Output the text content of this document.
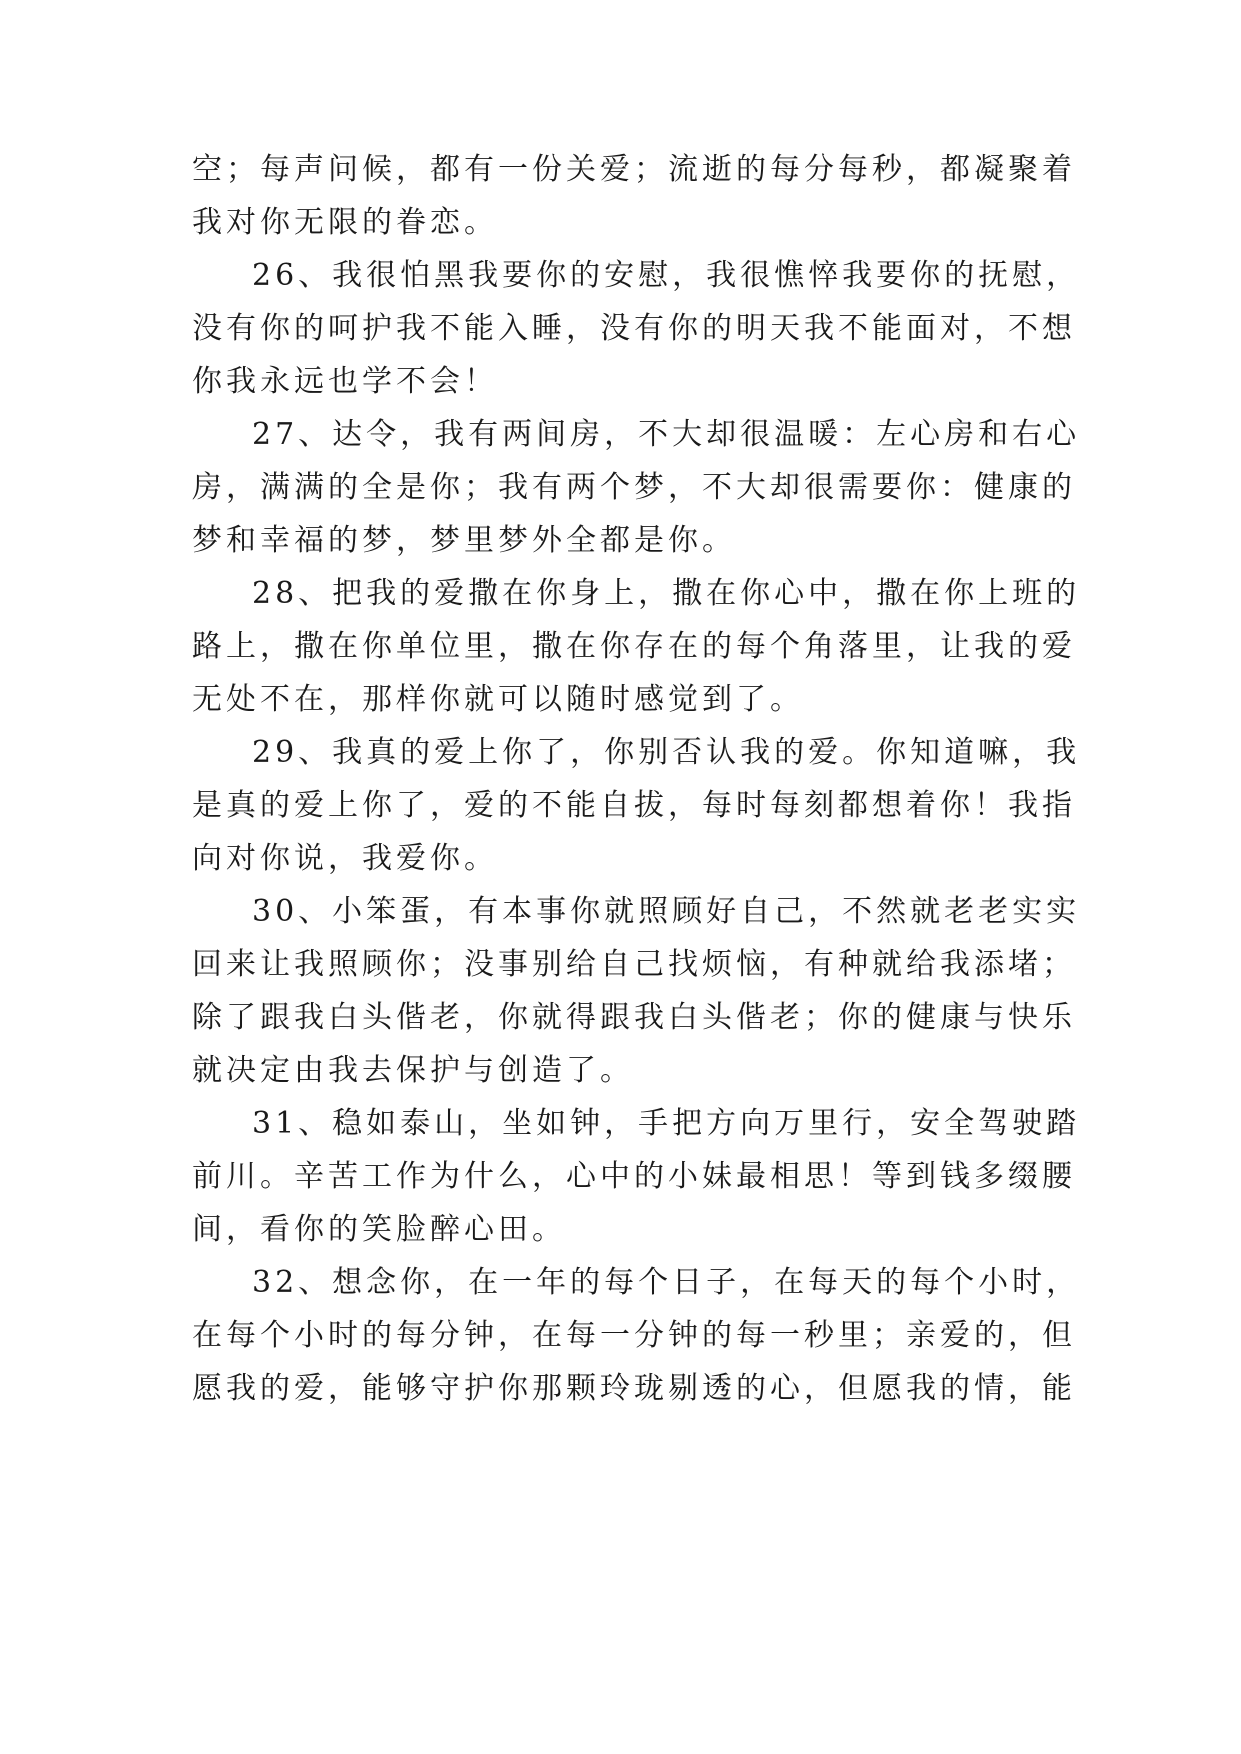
空；每声问候，都有一份关爱；流逝的每分每秒，都凝聚着
我对你无限的眷恋。
26、我很怕黑我要你的安慰，我很憔悴我要你的抚慰，
没有你的呵护我不能入睡，没有你的明天我不能面对，不想
你我永远也学不会！
27、达令，我有两间房，不大却很温暖：左心房和右心
房，满满的全是你；我有两个梦，不大却很需要你：健康的
梦和幸福的梦，梦里梦外全都是你。
28、把我的爱撒在你身上，撒在你心中，撒在你上班的
路上，撒在你单位里，撒在你存在的每个角落里，让我的爱
无处不在，那样你就可以随时感觉到了。
29、我真的爱上你了，你别否认我的爱。你知道嘛，我
是真的爱上你了，爱的不能自拔，每时每刻都想着你！我指
向对你说，我爱你。
30、小笨蛋，有本事你就照顾好自己，不然就老老实实
回来让我照顾你；没事别给自己找烦恼，有种就给我添堵；
除了跟我白头偕老，你就得跟我白头偕老；你的健康与快乐
就决定由我去保护与创造了。
31、稳如泰山，坐如钟，手把方向万里行，安全驾驶踏
前川。辛苦工作为什么，心中的小妹最相思！等到钱多缀腰
间，看你的笑脸醉心田。
32、想念你，在一年的每个日子，在每天的每个小时，
在每个小时的每分钟，在每一分钟的每一秒里；亲爱的，但
愿我的爱，能够守护你那颗玲珑剔透的心，但愿我的情，能
